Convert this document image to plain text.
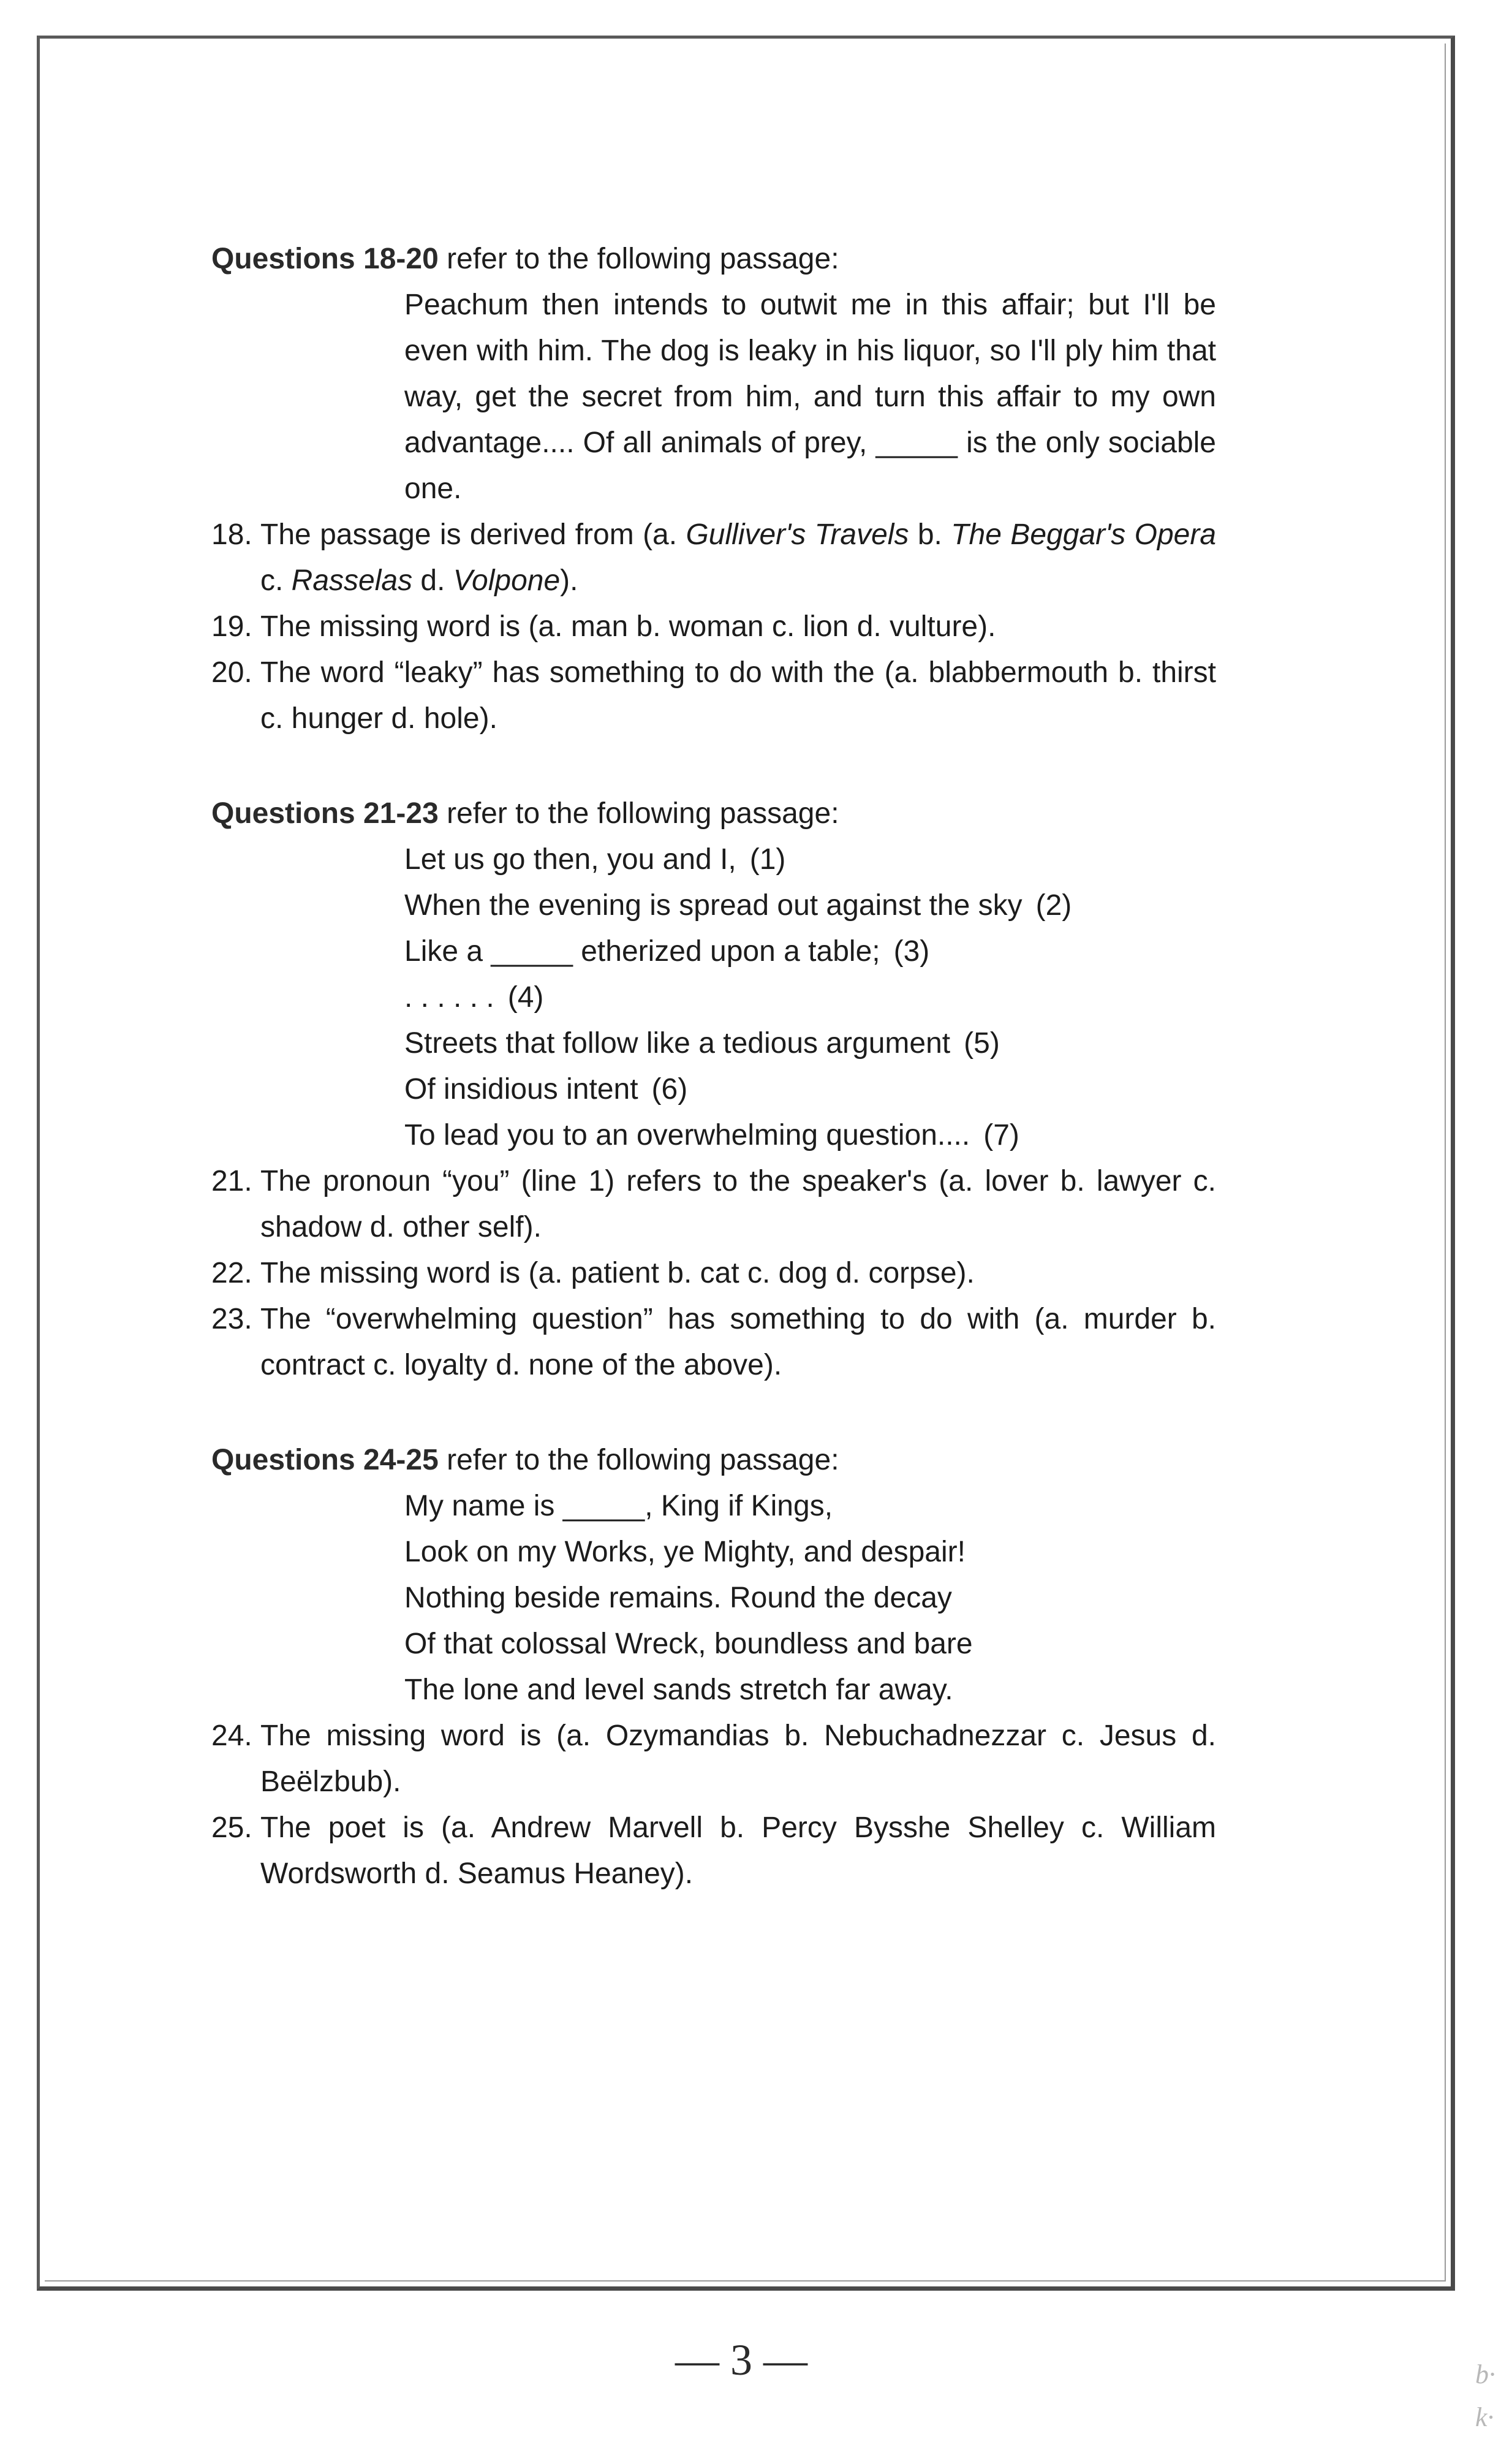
Questions 18-20 refer to the following passage:

Peachum then intends to outwit me in this affair; but I'll be even with him. The dog is leaky in his liquor, so I'll ply him that way, get the secret from him, and turn this affair to my own advantage.... Of all animals of prey, _____ is the only sociable one.

18. The passage is derived from (a. Gulliver's Travels b. The Beggar's Opera c. Rasselas d. Volpone).

19. The missing word is (a. man b. woman c. lion d. vulture).

20. The word “leaky” has something to do with the (a. blabbermouth b. thirst c. hunger d. hole).

Questions 21-23 refer to the following passage:

Let us go then, you and I, (1)
When the evening is spread out against the sky (2)
Like a _____ etherized upon a table; (3)
. . . . . . (4)
Streets that follow like a tedious argument (5)
Of insidious intent (6)
To lead you to an overwhelming question.... (7)

21. The pronoun “you” (line 1) refers to the speaker's (a. lover b. lawyer c. shadow d. other self).

22. The missing word is (a. patient b. cat c. dog d. corpse).

23. The “overwhelming question” has something to do with (a. murder b. contract c. loyalty d. none of the above).

Questions 24-25 refer to the following passage:

My name is _____, King if Kings,
Look on my Works, ye Mighty, and despair!
Nothing beside remains. Round the decay
Of that colossal Wreck, boundless and bare
The lone and level sands stretch far away.

24. The missing word is (a. Ozymandias b. Nebuchadnezzar c. Jesus d. Beëlzbub).

25. The poet is (a. Andrew Marvell b. Percy Bysshe Shelley c. William Wordsworth d. Seamus Heaney).

— 3 —	b·
k·
